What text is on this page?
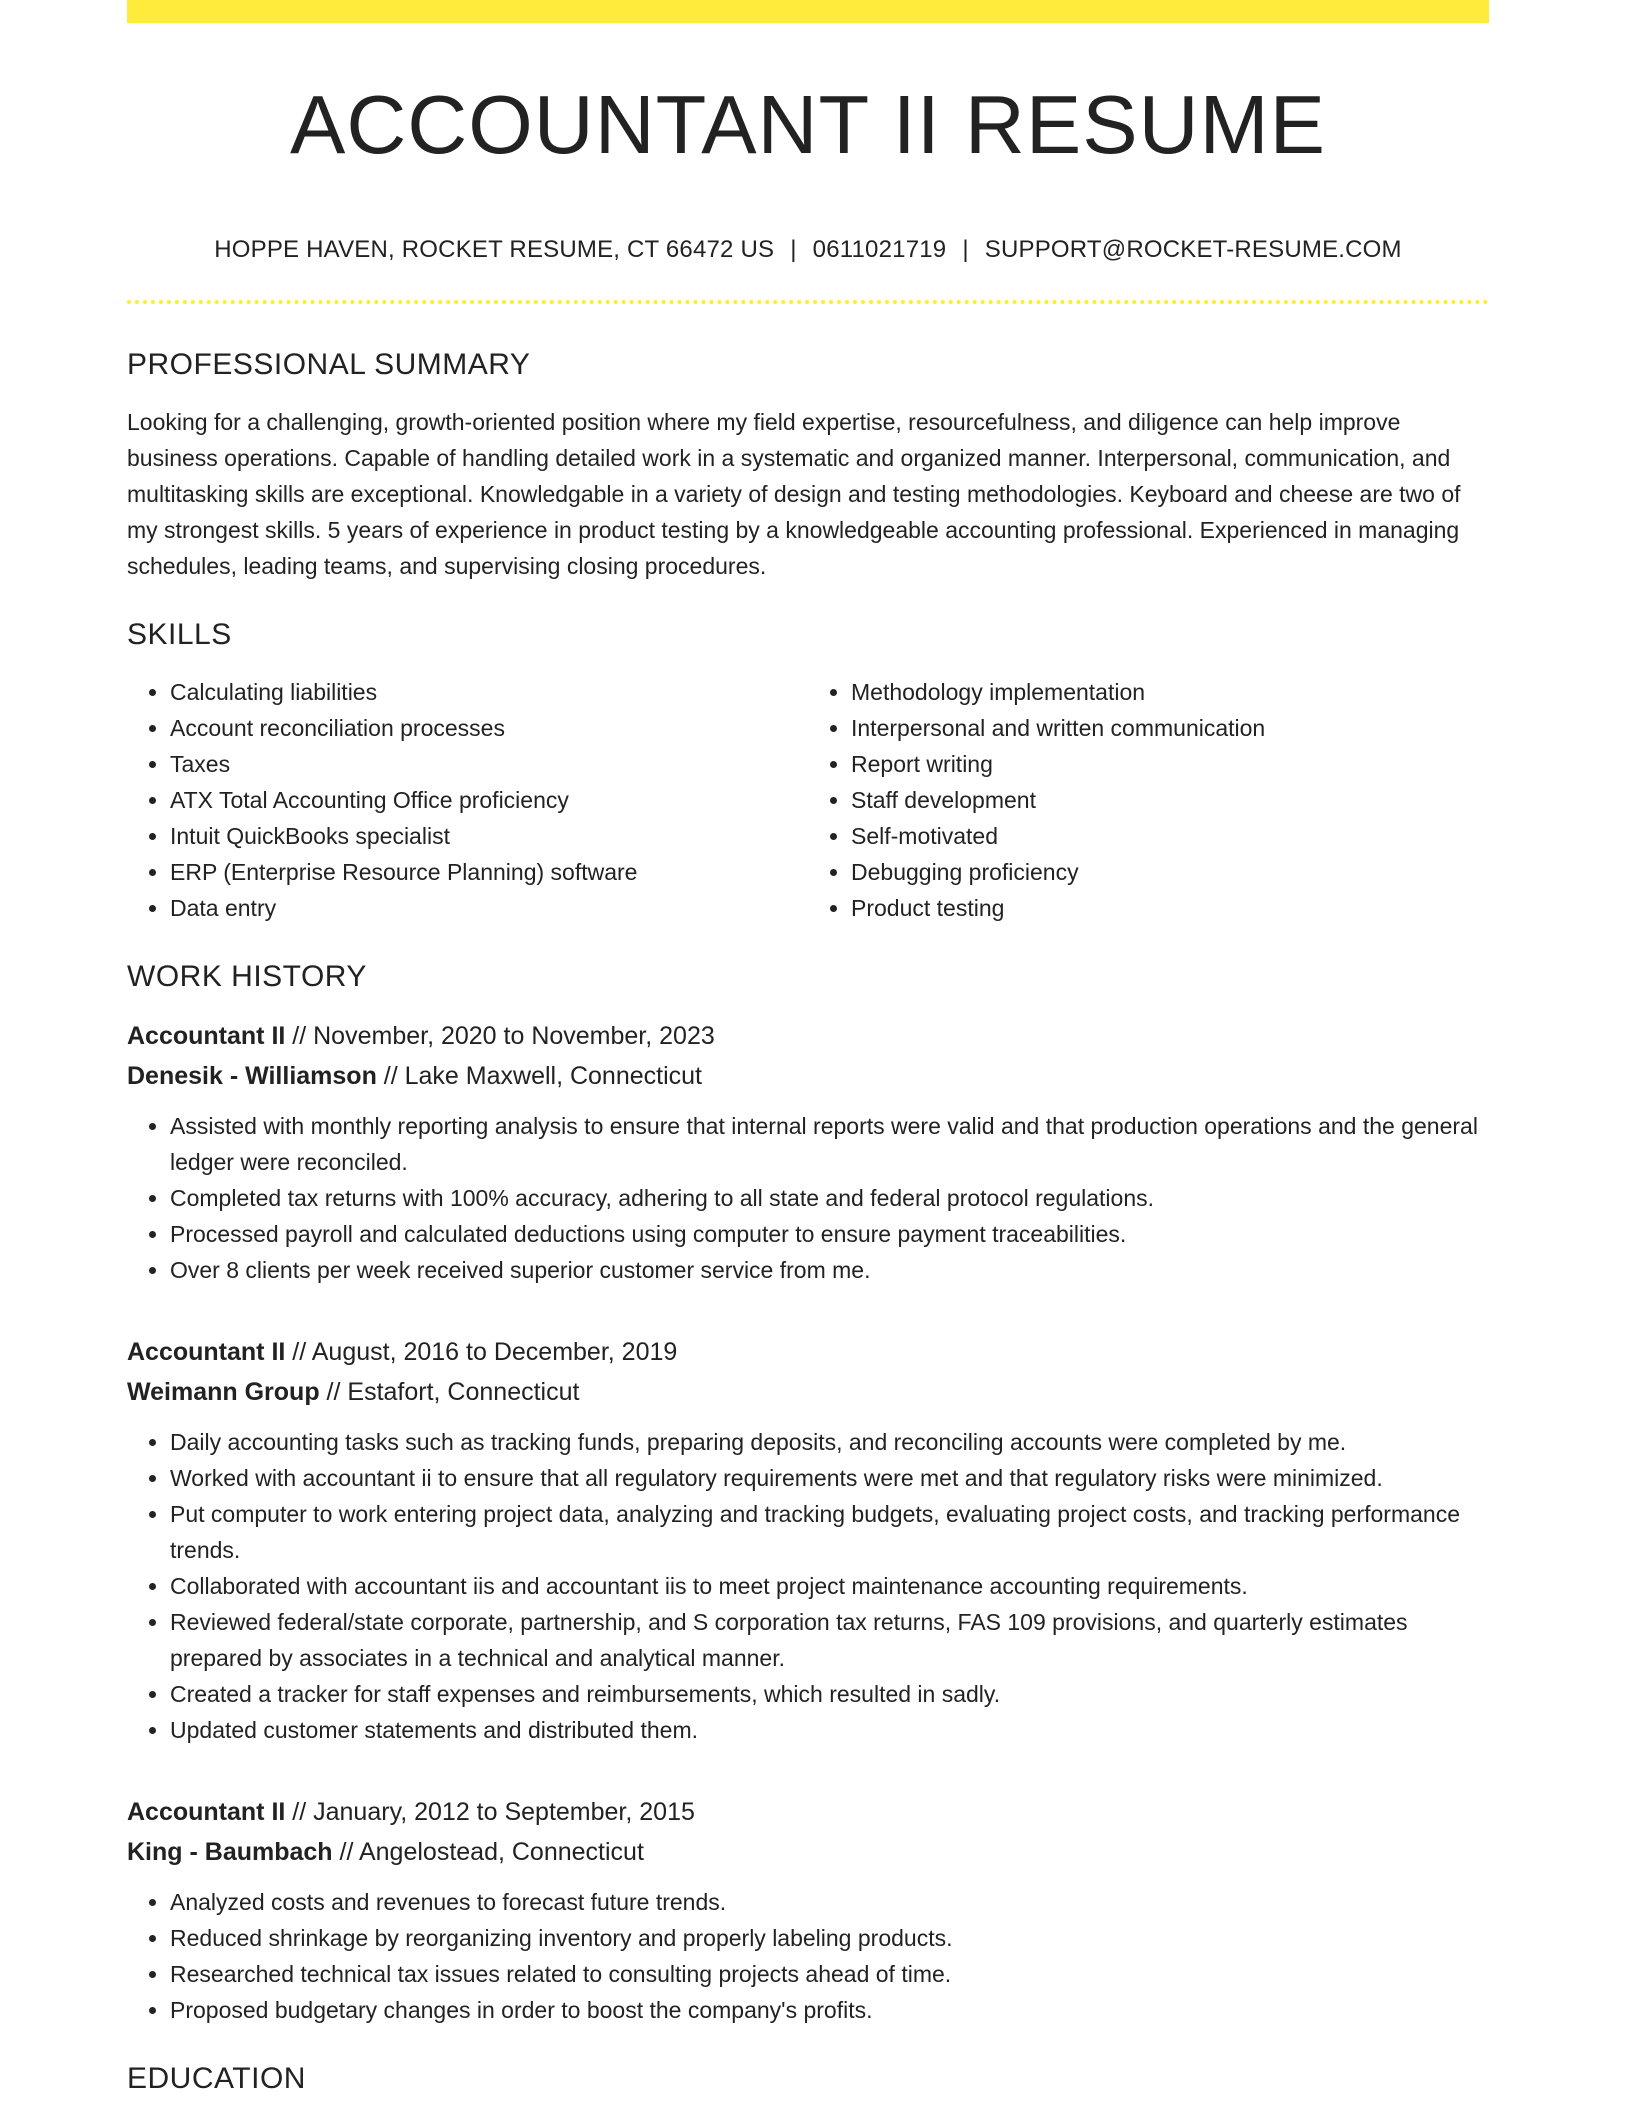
ACCOUNTANT II RESUME
HOPPE HAVEN, ROCKET RESUME, CT 66472 US | 0611021719 | SUPPORT@ROCKET-RESUME.COM
PROFESSIONAL SUMMARY

Looking for a challenging, growth-oriented position where my field expertise, resourcefulness, and diligence can help improve business operations. Capable of handling detailed work in a systematic and organized manner. Interpersonal, communication, and multitasking skills are exceptional. Knowledgable in a variety of design and testing methodologies. Keyboard and cheese are two of my strongest skills. 5 years of experience in product testing by a knowledgeable accounting professional. Experienced in managing schedules, leading teams, and supervising closing procedures.

SKILLS
• Calculating liabilities
• Account reconciliation processes
• Taxes
• ATX Total Accounting Office proficiency
• Intuit QuickBooks specialist
• ERP (Enterprise Resource Planning) software
• Data entry
• Methodology implementation
• Interpersonal and written communication
• Report writing
• Staff development
• Self-motivated
• Debugging proficiency
• Product testing
WORK HISTORY
Accountant II // November, 2020 to November, 2023
Denesik - Williamson // Lake Maxwell, Connecticut
• Assisted with monthly reporting analysis to ensure that internal reports were valid and that production operations and the general ledger were reconciled.
• Completed tax returns with 100% accuracy, adhering to all state and federal protocol regulations.
• Processed payroll and calculated deductions using computer to ensure payment traceabilities.
• Over 8 clients per week received superior customer service from me.
Accountant II // August, 2016 to December, 2019
Weimann Group // Estafort, Connecticut
• Daily accounting tasks such as tracking funds, preparing deposits, and reconciling accounts were completed by me.
• Worked with accountant ii to ensure that all regulatory requirements were met and that regulatory risks were minimized.
• Put computer to work entering project data, analyzing and tracking budgets, evaluating project costs, and tracking performance trends.
• Collaborated with accountant iis and accountant iis to meet project maintenance accounting requirements.
• Reviewed federal/state corporate, partnership, and S corporation tax returns, FAS 109 provisions, and quarterly estimates prepared by associates in a technical and analytical manner.
• Created a tracker for staff expenses and reimbursements, which resulted in sadly.
• Updated customer statements and distributed them.
Accountant II // January, 2012 to September, 2015
King - Baumbach // Angelostead, Connecticut
• Analyzed costs and revenues to forecast future trends.
• Reduced shrinkage by reorganizing inventory and properly labeling products.
• Researched technical tax issues related to consulting projects ahead of time.
• Proposed budgetary changes in order to boost the company's profits.
EDUCATION
